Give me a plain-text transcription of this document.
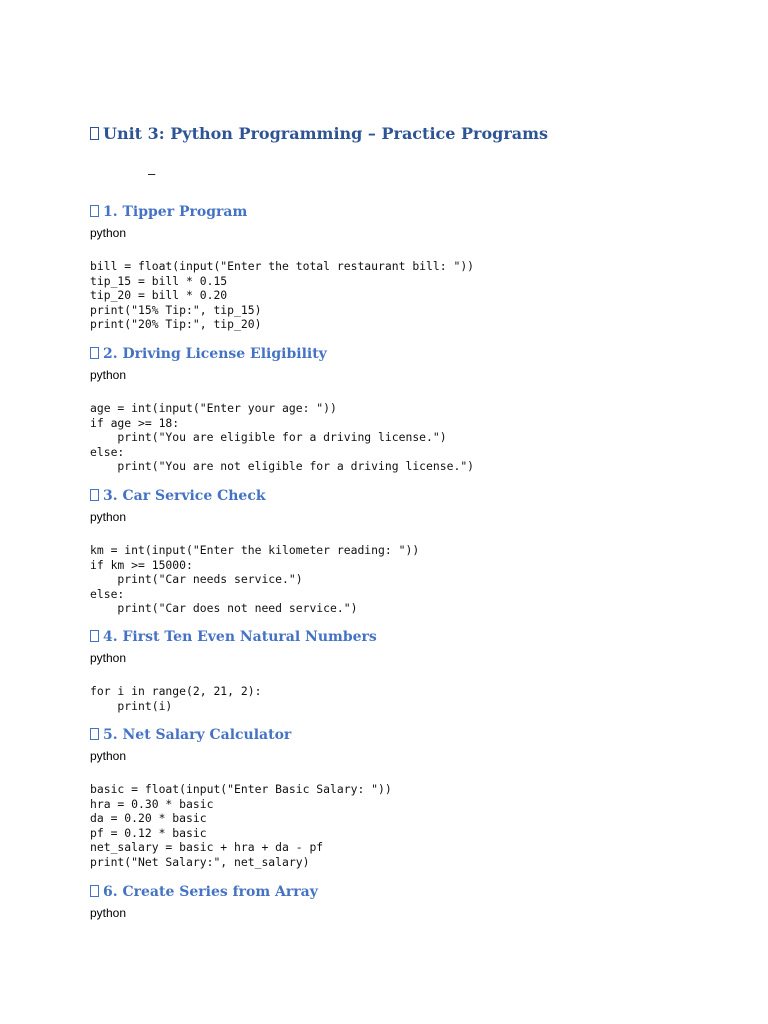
Unit 3: Python Programming – Practice Programs
—
1. Tipper Program
python
bill = float(input("Enter the total restaurant bill: "))
tip_15 = bill * 0.15
tip_20 = bill * 0.20
print("15% Tip:", tip_15)
print("20% Tip:", tip_20)
2. Driving License Eligibility
python
age = int(input("Enter your age: "))
if age >= 18:
print("You are eligible for a driving license.")
else:
print("You are not eligible for a driving license.")
3. Car Service Check
python
km = int(input("Enter the kilometer reading: "))
if km >= 15000:
print("Car needs service.")
else:
print("Car does not need service.")
4. First Ten Even Natural Numbers
python
for i in range(2, 21, 2):
print(i)
5. Net Salary Calculator
python
basic = float(input("Enter Basic Salary: "))
hra = 0.30 * basic
da = 0.20 * basic
pf = 0.12 * basic
net_salary = basic + hra + da - pf
print("Net Salary:", net_salary)
6. Create Series from Array
python
